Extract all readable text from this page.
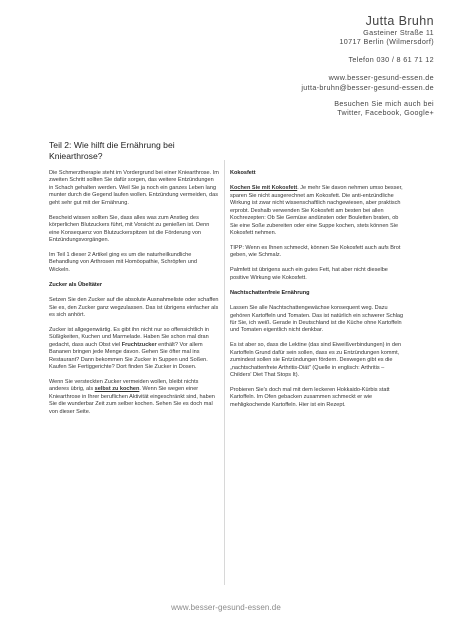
Jutta Bruhn
Gasteiner Straße 11
10717 Berlin (Wilmersdorf)
Telefon 030 / 8 61 71 12
www.besser-gesund-essen.de
jutta-bruhn@besser-gesund-essen.de
Besuchen Sie mich auch bei
Twitter, Facebook, Google+
Teil 2: Wie hilft die Ernährung bei Kniearthrose?

Die Schmerztherapie steht im Vordergrund bei einer Kniearthrose. Im zweiten Schritt sollten Sie dafür sorgen, das weitere Entzündungen in Schach gehalten werden. Weil Sie ja noch ein ganzes Leben lang munter durch die Gegend laufen wollen. Entzündung vermeiden, das geht sehr gut mit der Ernährung.

Bescheid wissen sollten Sie, dass alles was zum Anstieg des körperlichen Blutzuckers führt, mit Vorsicht zu genießen ist. Denn eine Konsequenz von Blutzuckerspitzen ist die Förderung von Entzündungsvorgängen.

Im Teil 1 dieser 2 Artikel ging es um die naturheilkundliche Behandlung von Arthrosen mit Homöopathie, Schröpfen und Wickeln.

Zucker als Übeltäter

Setzen Sie den Zucker auf die absolute Ausnahmeliste oder schaffen Sie es, den Zucker ganz wegzulassen. Das ist übrigens einfacher als es sich anhört.

Zucker ist allgegenwärtig. Es gibt ihn nicht nur so offensichtlich in Süßigkeiten, Kuchen und Marmelade. Haben Sie schon mal dran gedacht, dass auch Obst viel Fruchtzucker enthält? Vor allem Bananen bringen jede Menge davon. Gehen Sie öfter mal ins Restaurant? Dann bekommen Sie Zucker in Suppen und Soßen. Kaufen Sie Fertiggerichte? Dort finden Sie Zucker in Dosen.

Wenn Sie versteckten Zucker vermeiden wollen, bleibt nichts anderes übrig, als selbst zu kochen. Wenn Sie wegen einer Kniearthrose in Ihrer beruflichen Aktivität eingeschränkt sind, haben Sie die wunderbar Zeit zum selber kochen. Sehen Sie es doch mal von dieser Seite.

Kokosfett

Kochen Sie mit Kokosfett. Je mehr Sie davon nehmen umso besser, sparen Sie nicht ausgerechnet am Kokosfett. Die anti-entzündliche Wirkung ist zwar nicht wissenschaftlich nachgewiesen, aber praktisch erprobt. Deshalb verwenden Sie Kokosfett am besten bei allen Kochrezepten: Ob Sie Gemüse andünsten oder Bouletten braten, ob Sie eine Soße zubereiten oder eine Suppe kochen, stets können Sie Kokosfett nehmen.

TIPP: Wenn es Ihnen schmeckt, können Sie Kokosfett auch aufs Brot geben, wie Schmalz.

Palmfett ist übrigens auch ein gutes Fett, hat aber nicht dieselbe positive Wirkung wie Kokosfett.

Nachtschattenfreie Ernährung

Lassen Sie alle Nachtschattengewächse konsequent weg. Dazu gehören Kartoffeln und Tomaten. Das ist natürlich ein schwerer Schlag für Sie, ich weiß. Gerade in Deutschland ist die Küche ohne Kartoffeln und Tomaten eigentlich nicht denkbar.

Es ist aber so, dass die Lektine (das sind Eiweißverbindungen) in den Kartoffeln Grund dafür sein sollen, dass es zu Entzündungen kommt, zumindest sollen sie Entzündungen fördern. Deswegen gibt es die „nachtschattenfreie Arthritis-Diät" (Quelle in englisch: Arthritis – Childers' Diet That Stops It).

Probieren Sie's doch mal mit dem leckeren Hokkaido-Kürbis statt Kartoffeln. Im Ofen gebacken zusammen schmeckt er wie mehligkochende Kartoffeln. Hier ist ein Rezept.

www.besser-gesund-essen.de
